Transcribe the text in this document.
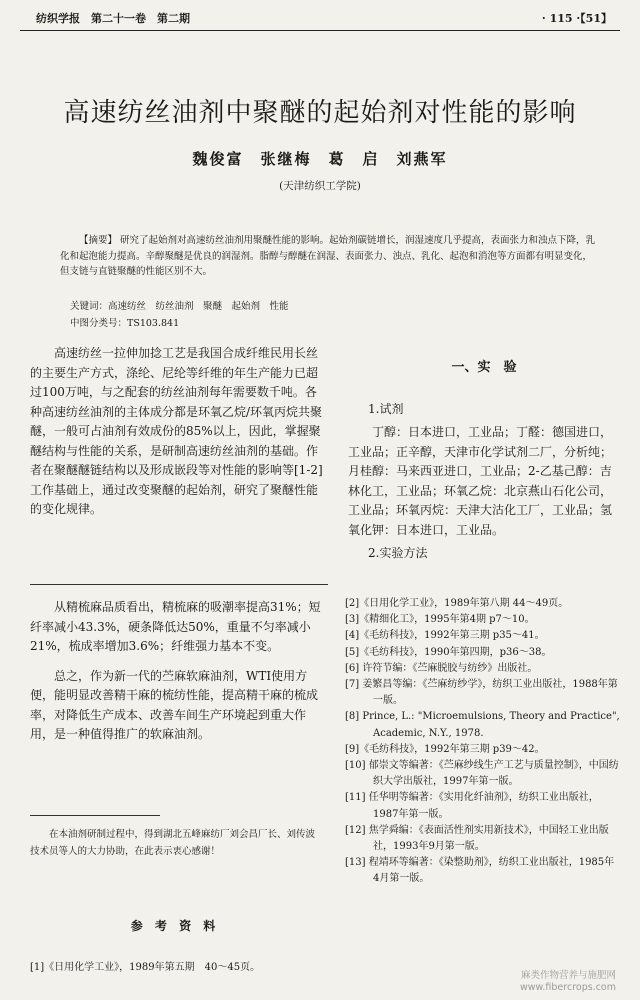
纺织学报　第二十一卷　第二期	· 115 ·【51】
高速纺丝油剂中聚醚的起始剂对性能的影响
魏俊富　张继梅　葛　启　刘燕军
(天津纺织工学院)
【摘要】 研究了起始剂对高速纺丝油剂用聚醚性能的影响。起始剂碳链增长，润湿速度几乎提高，表面张力和浊点下降，乳化和起泡能力提高。辛醇聚醚是优良的润湿剂。脂醇与醇醚在润湿、表面张力、浊点、乳化、起泡和消泡等方面都有明显变化，但支链与直链聚醚的性能区别不大。
关键词：高速纺丝　纺丝油剂　聚醚　起始剂　性能
中图分类号：TS103.841
高速纺丝一拉伸加捻工艺是我国合成纤维民用长丝的主要生产方式，涤纶、尼纶等纤维的年生产能力已超过100万吨，与之配套的纺丝油剂每年需要数千吨。各种高速纺丝油剂的主体成分都是环氧乙烷/环氧丙烷共聚醚，一般可占油剂有效成份的85%以上，因此，掌握聚醚结构与性能的关系，是研制高速纺丝油剂的基础。作者在聚醚醚链结构以及形成嵌段等对性能的影响等[1-2]工作基础上，通过改变聚醚的起始剂，研究了聚醚性能的变化规律。
一、实　验
1.试剂
丁醇：日本进口，工业品；丁醛：德国进口，工业品；正辛醇，天津市化学试剂二厂，分析纯；月桂醇：马来西亚进口，工业品；2-乙基己醇：吉林化工，工业品；环氧乙烷：北京燕山石化公司，工业品；环氧丙烷：天津大沽化工厂，工业品；氢氧化钾：日本进口，工业品。
2.实验方法
从精梳麻品质看出，精梳麻的吸潮率提高31%；短纤率减小43.3%，硬条降低达50%，重量不匀率减小21%，梳成率增加3.6%；纤维强力基本不变。
总之，作为新一代的苎麻软麻油剂，WTI使用方便，能明显改善精干麻的梳纺性能，提高精干麻的梳成率，对降低生产成本、改善车间生产环境起到重大作用，是一种值得推广的软麻油剂。
[2]《日用化学工业》，1989年第八期 44～49页。
[3]《精细化工》，1995年第4期 p7～10。
[4]《毛纺科技》，1992年第三期 p35～41。
[5]《毛纺科技》，1990年第四期，p36～38。
[6] 许符节编：《苎麻脱胶与纺纱》出版社。
[7] 姜繁昌等编：《苎麻纺纱学》，纺织工业出版社，1988年第一版。
[8] Prince, L.: "Microemulsions, Theory and Practice", Academic, N.Y., 1978.
[9]《毛纺科技》，1992年第三期 p39～42。
[10] 郁崇文等编著：《苎麻纱线生产工艺与质量控制》，中国纺织大学出版社，1997年第一版。
[11] 任华明等编著：《实用化纤油剂》，纺织工业出版社，1987年第一版。
[12] 焦学舜编：《表面活性剂实用新技术》，中国轻工业出版社，1993年9月第一版。
[13] 程靖环等编著：《染整助剂》，纺织工业出版社，1985年4月第一版。
在本油剂研制过程中，得到湖北五峰麻纺厂刘会昌厂长、刘传波技术员等人的大力协助，在此表示衷心感谢！
参 考 资 料
[1]《日用化学工业》，1989年第五期　40～45页。
麻类作物营养与施肥网
www.fibercrops.com
